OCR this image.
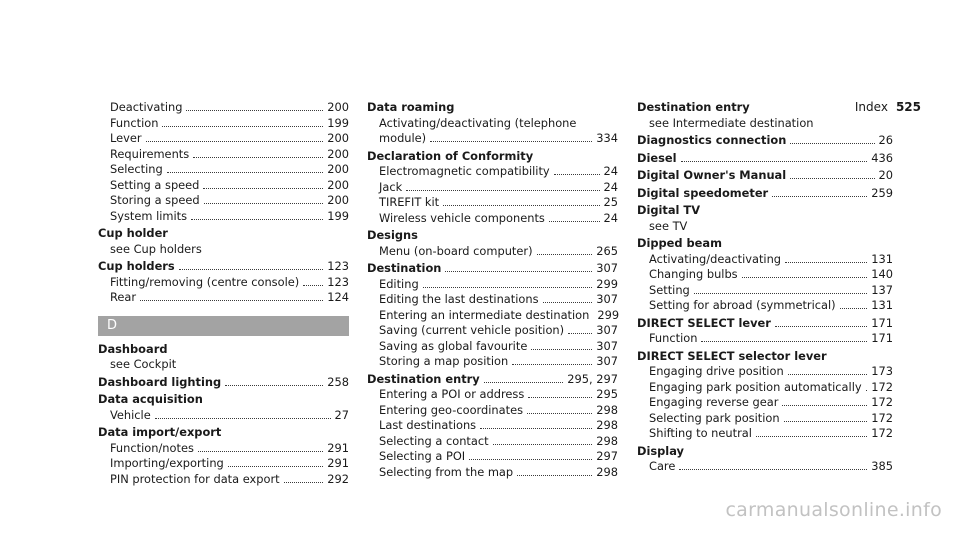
Index 525
Deactivating	200
Function	199
Lever	200
Requirements	200
Selecting	200
Setting a speed	200
Storing a speed	200
System limits	199
Cup holder
see Cup holders
Cup holders	123
Fitting/removing (centre console) 123
Rear	124
D
Dashboard
see Cockpit
Dashboard lighting	258
Data acquisition
Vehicle	27
Data import/export
Function/notes	291
Importing/exporting	291
PIN protection for data export	292
Data roaming
Activating/deactivating (telephone
module)	334
Declaration of Conformity
Electromagnetic compatibility	24
Jack	24
TIREFIT kit	25
Wireless vehicle components	24
Designs
Menu (on-board computer)	265
Destination	307
Editing	299
Editing the last destinations	307
Entering an intermediate destination 299
Saving (current vehicle position)	307
Saving as global favourite	307
Storing a map position	307
Destination entry	295, 297
Entering a POI or address	295
Entering geo-coordinates	298
Last destinations	298
Selecting a contact	298
Selecting a POI	297
Selecting from the map	298
Destination entry
see Intermediate destination
Diagnostics connection	26
Diesel	436
Digital Owner's Manual	20
Digital speedometer	259
Digital TV
see TV
Dipped beam
Activating/deactivating	131
Changing bulbs	140
Setting	137
Setting for abroad (symmetrical)	131
DIRECT SELECT lever	171
Function	171
DIRECT SELECT selector lever
Engaging drive position	173
Engaging park position automatically 172
Engaging reverse gear	172
Selecting park position	172
Shifting to neutral	172
Display
Care	385
carmanualsonline.info
